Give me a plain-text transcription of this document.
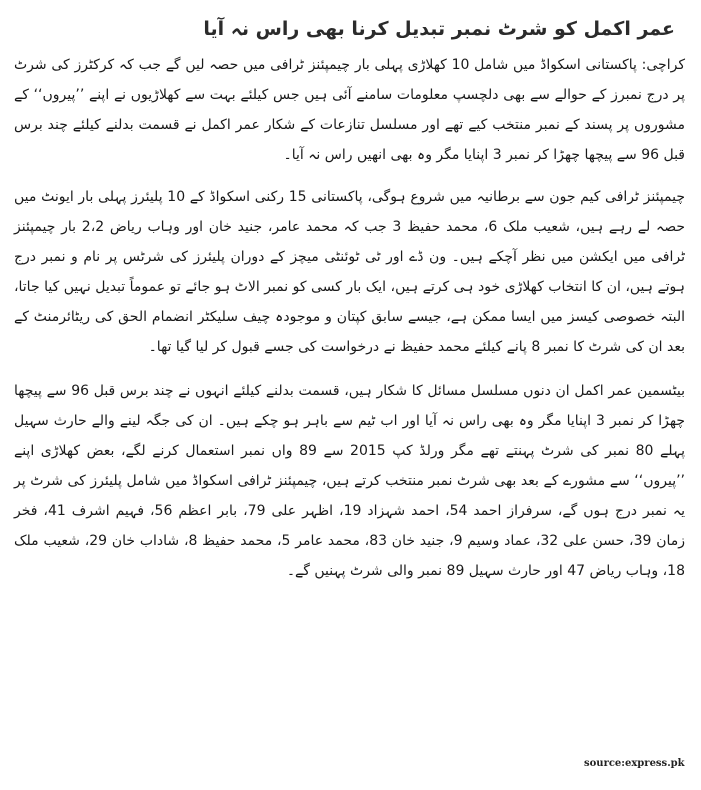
عمر اکمل کو شرٹ نمبر تبدیل کرنا بھی راس نہ آیا

کراچی: پاکستانی اسکواڈ میں شامل 10 کھلاڑی پہلی بار چیمپئنز ٹرافی میں حصہ لیں گے جب کہ کرکٹرز کی شرٹ پر درج نمبرز کے حوالے سے بھی دلچسپ معلومات سامنے آئی ہیں جس کیلئے بہت سے کھلاڑیوں نے اپنے ’’پیروں‘‘ کے مشوروں پر پسند کے نمبر منتخب کیے تھے اور مسلسل تنازعات کے شکار عمر اکمل نے قسمت بدلنے کیلئے چند برس قبل 96 سے پیچھا چھڑا کر نمبر 3 اپنایا مگر وہ بھی انھیں راس نہ آیا۔

چیمپئنز ٹرافی کیم جون سے برطانیہ میں شروع ہوگی، پاکستانی 15 رکنی اسکواڈ کے 10 پلیئرز پہلی بار ایونٹ میں حصہ لے رہے ہیں، شعیب ملک 6، محمد حفیظ 3 جب کہ محمد عامر، جنید خان اور وہاب ریاض 2،2 بار چیمپئنز ٹرافی میں ایکشن میں نظر آچکے ہیں۔ ون ڈے اور ٹی ٹوئنٹی میچز کے دوران پلیئرز کی شرٹس پر نام و نمبر درج ہوتے ہیں، ان کا انتخاب کھلاڑی خود ہی کرتے ہیں، ایک بار کسی کو نمبر الاٹ ہو جائے تو عموماً تبدیل نہیں کیا جاتا، البتہ خصوصی کیسز میں ایسا ممکن ہے، جیسے سابق کپتان و موجودہ چیف سلیکٹر انضمام الحق کی ریٹائرمنٹ کے بعد ان کی شرٹ کا نمبر 8 پانے کیلئے محمد حفیظ نے درخواست کی جسے قبول کر لیا گیا تھا۔

بیٹسمین عمر اکمل ان دنوں مسلسل مسائل کا شکار ہیں، قسمت بدلنے کیلئے انہوں نے چند برس قبل 96 سے پیچھا چھڑا کر نمبر 3 اپنایا مگر وہ بھی راس نہ آیا اور اب ٹیم سے باہر ہو چکے ہیں۔ ان کی جگہ لینے والے حارث سہیل پہلے 80 نمبر کی شرٹ پہنتے تھے مگر ورلڈ کپ 2015 سے 89 واں نمبر استعمال کرنے لگے، بعض کھلاڑی اپنے ’’پیروں‘‘ سے مشورے کے بعد بھی شرٹ نمبر منتخب کرتے ہیں، چیمپئنز ٹرافی اسکواڈ میں شامل پلیئرز کی شرٹ پر یہ نمبر درج ہوں گے، سرفراز احمد 54، احمد شہزاد 19، اظہر علی 79، بابر اعظم 56، فہیم اشرف 41، فخر زمان 39، حسن علی 32، عماد وسیم 9، جنید خان 83، محمد عامر 5، محمد حفیظ 8، شاداب خان 29، شعیب ملک 18، وہاب ریاض 47 اور حارث سہیل 89 نمبر والی شرٹ پہنیں گے۔

source:express.pk
